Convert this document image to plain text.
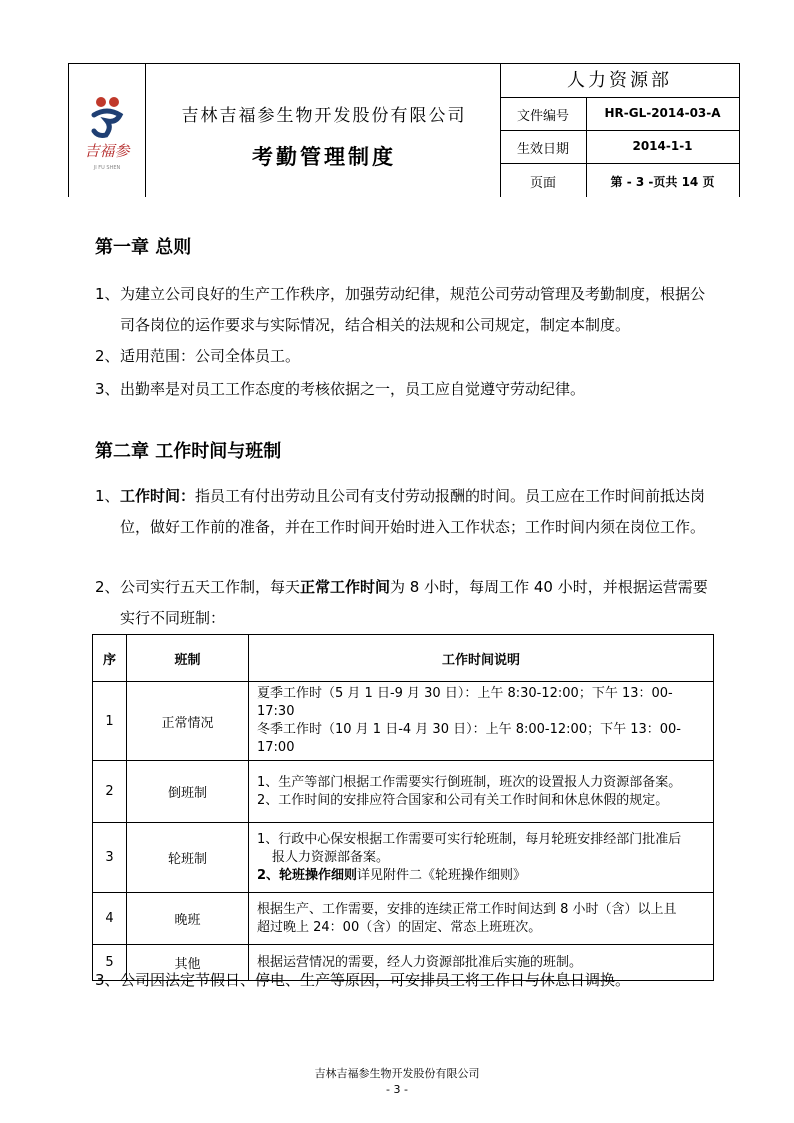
吉福参
JI FU SHEN
吉林吉福参生物开发股份有限公司
考勤管理制度
人力资源部
文件编号	HR-GL-2014-03-A
生效日期	2014-1-1
页面	第 - 3 -页共 14 页
第一章 总则
1、 为建立公司良好的生产工作秩序，加强劳动纪律，规范公司劳动管理及考勤制度，根据公司各岗位的运作要求与实际情况，结合相关的法规和公司规定，制定本制度。
2、 适用范围：公司全体员工。
3、 出勤率是对员工工作态度的考核依据之一，员工应自觉遵守劳动纪律。
第二章 工作时间与班制
1、 工作时间：指员工有付出劳动且公司有支付劳动报酬的时间。员工应在工作时间前抵达岗位，做好工作前的准备，并在工作时间开始时进入工作状态；工作时间内须在岗位工作。
2、 公司实行五天工作制，每天正常工作时间为 8 小时，每周工作 40 小时，并根据运营需要实行不同班制：
序	班制	工作时间说明
1	正常情况	夏季工作时（5 月 1 日-9 月 30 日）：上午 8:30-12:00；下午 13：00-17:30
冬季工作时（10 月 1 日-4 月 30 日）：上午 8:00-12:00；下午 13：00-17:00

2	倒班制	1、生产等部门根据工作需要实行倒班制，班次的设置报人力资源部备案。
2、工作时间的安排应符合国家和公司有关工作时间和休息休假的规定。

3	轮班制	1、行政中心保安根据工作需要可实行轮班制，每月轮班安排经部门批准后
报人力资源部备案。
2、轮班操作细则详见附件二《轮班操作细则》

4	晚班	根据生产、工作需要，安排的连续正常工作时间达到 8 小时（含）以上且
超过晚上 24：00（含）的固定、常态上班班次。

5	其他	根据运营情况的需要，经人力资源部批准后实施的班制。
3、 公司因法定节假日、停电、生产等原因，可安排员工将工作日与休息日调换。
吉林吉福参生物开发股份有限公司
- 3 -
